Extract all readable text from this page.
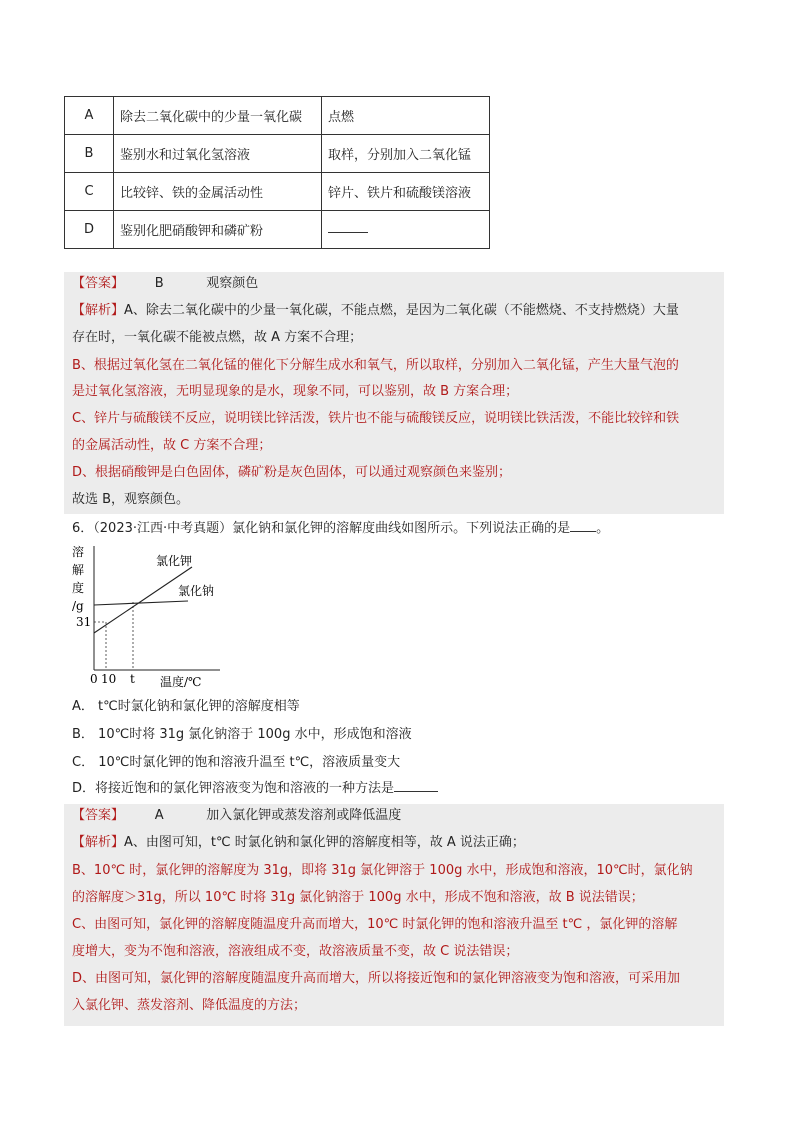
A	除去二氧化碳中的少量一氧化碳	点燃
B	鉴别水和过氧化氢溶液	取样，分别加入二氧化锰
C	比较锌、铁的金属活动性	锌片、铁片和硫酸镁溶液
D	鉴别化肥硝酸钾和磷矿粉	
【答案】 B	观察颜色
【解析】A、除去二氧化碳中的少量一氧化碳，不能点燃，是因为二氧化碳（不能燃烧、不支持燃烧）大量
存在时，一氧化碳不能被点燃，故 A 方案不合理；
B、根据过氧化氢在二氧化锰的催化下分解生成水和氧气，所以取样，分别加入二氧化锰，产生大量气泡的
是过氧化氢溶液，无明显现象的是水，现象不同，可以鉴别，故 B 方案合理；
C、锌片与硫酸镁不反应，说明镁比锌活泼，铁片也不能与硫酸镁反应，说明镁比铁活泼，不能比较锌和铁
的金属活动性，故 C 方案不合理；
D、根据硝酸钾是白色固体，磷矿粉是灰色固体，可以通过观察颜色来鉴别；
故选 B，观察颜色。
6．（2023·江西·中考真题）氯化钠和氯化钾的溶解度曲线如图所示。下列说法正确的是 。
溶
解
度
/g
氯化钾
氯化钠
31
0 10 t 温度/℃
A． t℃时氯化钠和氯化钾的溶解度相等
B． 10℃时将 31g 氯化钠溶于 100g 水中，形成饱和溶液
C． 10℃时氯化钾的饱和溶液升温至 t℃，溶液质量变大
D．将接近饱和的氯化钾溶液变为饱和溶液的一种方法是
【答案】 A	加入氯化钾或蒸发溶剂或降低温度
【解析】A、由图可知，t℃ 时氯化钠和氯化钾的溶解度相等，故 A 说法正确；
B、10℃ 时，氯化钾的溶解度为 31g，即将 31g 氯化钾溶于 100g 水中，形成饱和溶液，10℃时，氯化钠
的溶解度＞31g，所以 10℃ 时将 31g 氯化钠溶于 100g 水中，形成不饱和溶液，故 B 说法错误；
C、由图可知，氯化钾的溶解度随温度升高而增大，10℃ 时氯化钾的饱和溶液升温至 t℃ ，氯化钾的溶解
度增大，变为不饱和溶液，溶液组成不变，故溶液质量不变，故 C 说法错误；
D、由图可知，氯化钾的溶解度随温度升高而增大，所以将接近饱和的氯化钾溶液变为饱和溶液，可采用加
入氯化钾、蒸发溶剂、降低温度的方法；
